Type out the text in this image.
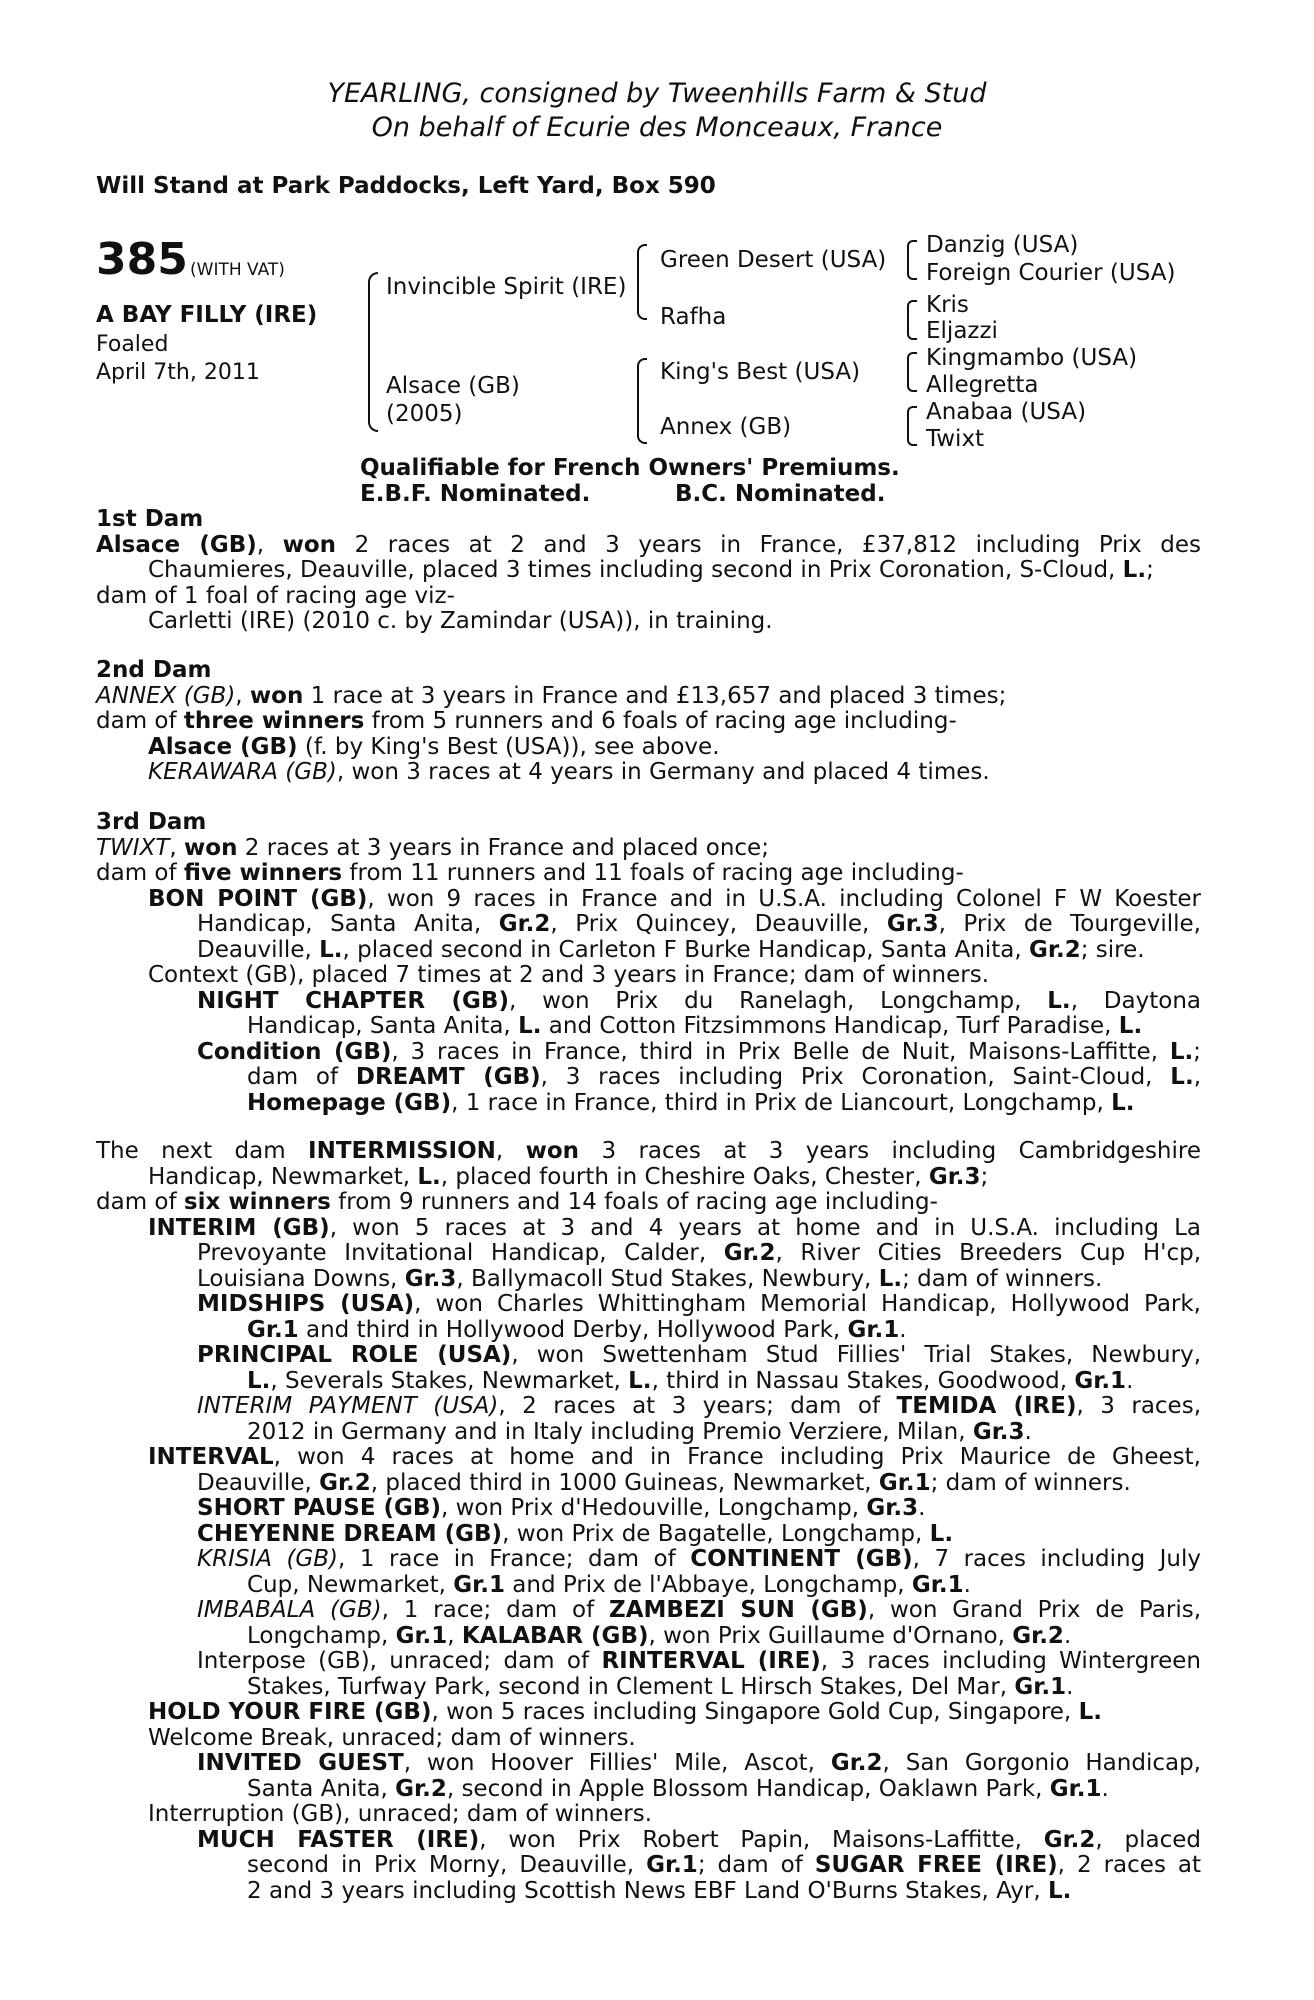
YEARLING, consigned by Tweenhills Farm & Stud
On behalf of Ecurie des Monceaux, France
Will Stand at Park Paddocks, Left Yard, Box 590
385 (WITH VAT)
A BAY FILLY (IRE)
Foaled
April 7th, 2011
Invincible Spirit (IRE)
Alsace (GB)
(2005)
Green Desert (USA)
Rafha
King's Best (USA)
Annex (GB)
Danzig (USA)
Foreign Courier (USA)
Kris
Eljazzi
Kingmambo (USA)
Allegretta
Anabaa (USA)
Twixt
Qualifiable for French Owners' Premiums.
E.B.F. Nominated.	B.C. Nominated.
1st Dam
Alsace (GB), won 2 races at 2 and 3 years in France, £37,812 including Prix des
Chaumieres, Deauville, placed 3 times including second in Prix Coronation, S-Cloud, L.;
dam of 1 foal of racing age viz-
Carletti (IRE) (2010 c. by Zamindar (USA)), in training.
2nd Dam
ANNEX (GB), won 1 race at 3 years in France and £13,657 and placed 3 times;
dam of three winners from 5 runners and 6 foals of racing age including-
Alsace (GB) (f. by King's Best (USA)), see above.
KERAWARA (GB), won 3 races at 4 years in Germany and placed 4 times.
3rd Dam
TWIXT, won 2 races at 3 years in France and placed once;
dam of five winners from 11 runners and 11 foals of racing age including-
BON POINT (GB), won 9 races in France and in U.S.A. including Colonel F W Koester
Handicap, Santa Anita, Gr.2, Prix Quincey, Deauville, Gr.3, Prix de Tourgeville,
Deauville, L., placed second in Carleton F Burke Handicap, Santa Anita, Gr.2; sire.
Context (GB), placed 7 times at 2 and 3 years in France; dam of winners.
NIGHT CHAPTER (GB), won Prix du Ranelagh, Longchamp, L., Daytona
Handicap, Santa Anita, L. and Cotton Fitzsimmons Handicap, Turf Paradise, L.
Condition (GB), 3 races in France, third in Prix Belle de Nuit, Maisons-Laffitte, L.;
dam of DREAMT (GB), 3 races including Prix Coronation, Saint-Cloud, L.,
Homepage (GB), 1 race in France, third in Prix de Liancourt, Longchamp, L.
The next dam INTERMISSION, won 3 races at 3 years including Cambridgeshire
Handicap, Newmarket, L., placed fourth in Cheshire Oaks, Chester, Gr.3;
dam of six winners from 9 runners and 14 foals of racing age including-
INTERIM (GB), won 5 races at 3 and 4 years at home and in U.S.A. including La
Prevoyante Invitational Handicap, Calder, Gr.2, River Cities Breeders Cup H'cp,
Louisiana Downs, Gr.3, Ballymacoll Stud Stakes, Newbury, L.; dam of winners.
MIDSHIPS (USA), won Charles Whittingham Memorial Handicap, Hollywood Park,
Gr.1 and third in Hollywood Derby, Hollywood Park, Gr.1.
PRINCIPAL ROLE (USA), won Swettenham Stud Fillies' Trial Stakes, Newbury,
L., Severals Stakes, Newmarket, L., third in Nassau Stakes, Goodwood, Gr.1.
INTERIM PAYMENT (USA), 2 races at 3 years; dam of TEMIDA (IRE), 3 races,
2012 in Germany and in Italy including Premio Verziere, Milan, Gr.3.
INTERVAL, won 4 races at home and in France including Prix Maurice de Gheest,
Deauville, Gr.2, placed third in 1000 Guineas, Newmarket, Gr.1; dam of winners.
SHORT PAUSE (GB), won Prix d'Hedouville, Longchamp, Gr.3.
CHEYENNE DREAM (GB), won Prix de Bagatelle, Longchamp, L.
KRISIA (GB), 1 race in France; dam of CONTINENT (GB), 7 races including July
Cup, Newmarket, Gr.1 and Prix de l'Abbaye, Longchamp, Gr.1.
IMBABALA (GB), 1 race; dam of ZAMBEZI SUN (GB), won Grand Prix de Paris,
Longchamp, Gr.1, KALABAR (GB), won Prix Guillaume d'Ornano, Gr.2.
Interpose (GB), unraced; dam of RINTERVAL (IRE), 3 races including Wintergreen
Stakes, Turfway Park, second in Clement L Hirsch Stakes, Del Mar, Gr.1.
HOLD YOUR FIRE (GB), won 5 races including Singapore Gold Cup, Singapore, L.
Welcome Break, unraced; dam of winners.
INVITED GUEST, won Hoover Fillies' Mile, Ascot, Gr.2, San Gorgonio Handicap,
Santa Anita, Gr.2, second in Apple Blossom Handicap, Oaklawn Park, Gr.1.
Interruption (GB), unraced; dam of winners.
MUCH FASTER (IRE), won Prix Robert Papin, Maisons-Laffitte, Gr.2, placed
second in Prix Morny, Deauville, Gr.1; dam of SUGAR FREE (IRE), 2 races at
2 and 3 years including Scottish News EBF Land O'Burns Stakes, Ayr, L.
